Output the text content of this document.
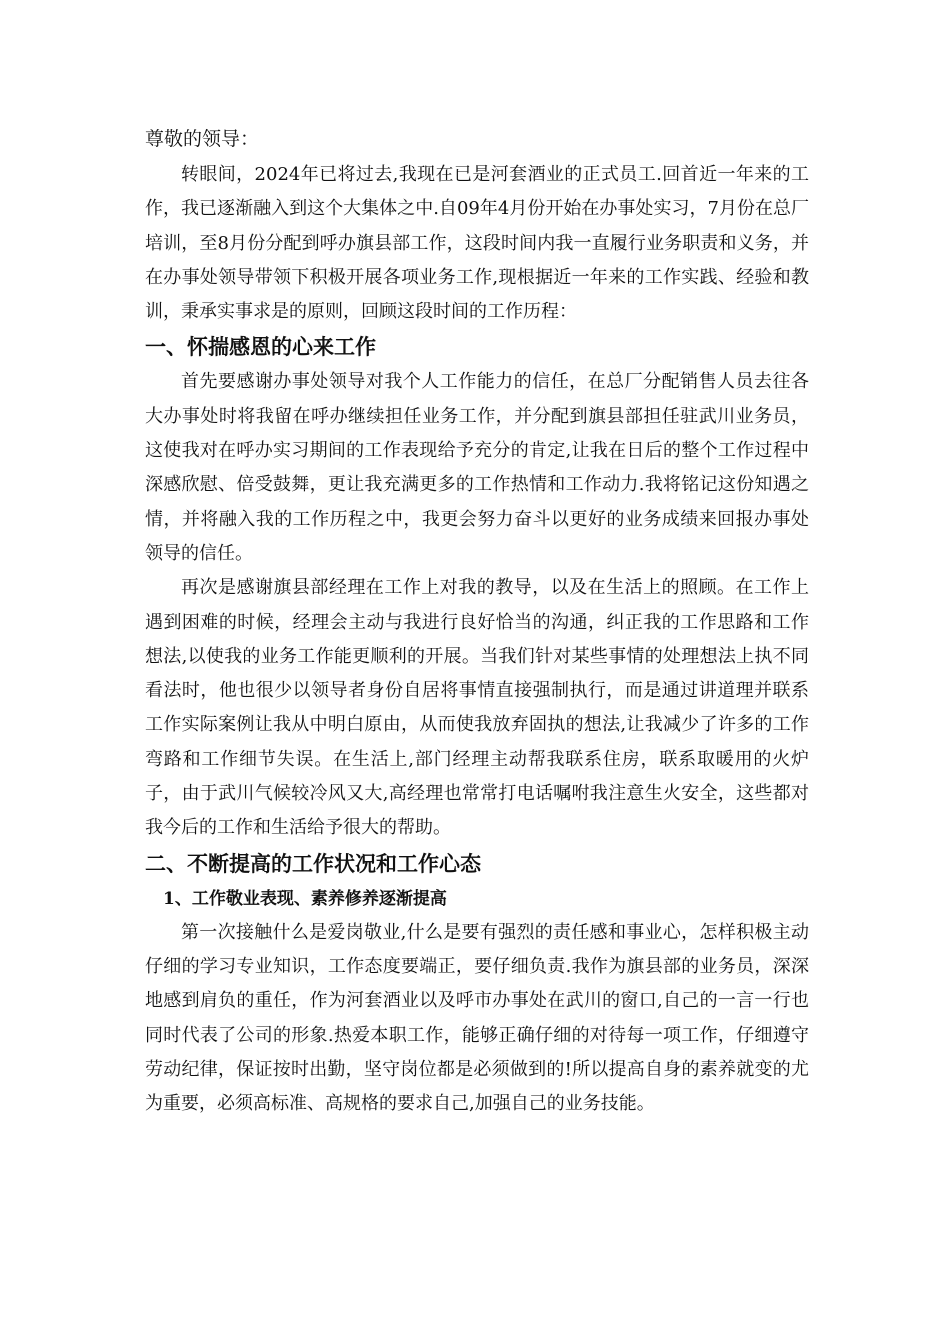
尊敬的领导：

转眼间，2024年已将过去,我现在已是河套酒业的正式员工.回首近一年来的工作，我已逐渐融入到这个大集体之中.自09年4月份开始在办事处实习，7月份在总厂培训，至8月份分配到呼办旗县部工作，这段时间内我一直履行业务职责和义务，并在办事处领导带领下积极开展各项业务工作,现根据近一年来的工作实践、经验和教训，秉承实事求是的原则，回顾这段时间的工作历程：

一、怀揣感恩的心来工作

首先要感谢办事处领导对我个人工作能力的信任，在总厂分配销售人员去往各大办事处时将我留在呼办继续担任业务工作，并分配到旗县部担任驻武川业务员，这使我对在呼办实习期间的工作表现给予充分的肯定,让我在日后的整个工作过程中深感欣慰、倍受鼓舞，更让我充满更多的工作热情和工作动力.我将铭记这份知遇之情，并将融入我的工作历程之中，我更会努力奋斗以更好的业务成绩来回报办事处领导的信任。

再次是感谢旗县部经理在工作上对我的教导，以及在生活上的照顾。在工作上遇到困难的时候，经理会主动与我进行良好恰当的沟通，纠正我的工作思路和工作想法,以使我的业务工作能更顺利的开展。当我们针对某些事情的处理想法上执不同看法时，他也很少以领导者身份自居将事情直接强制执行，而是通过讲道理并联系工作实际案例让我从中明白原由，从而使我放弃固执的想法,让我减少了许多的工作弯路和工作细节失误。在生活上,部门经理主动帮我联系住房，联系取暖用的火炉子，由于武川气候较冷风又大,高经理也常常打电话嘱咐我注意生火安全，这些都对我今后的工作和生活给予很大的帮助。

二、不断提高的工作状况和工作心态
1、工作敬业表现、素养修养逐渐提高

第一次接触什么是爱岗敬业,什么是要有强烈的责任感和事业心，怎样积极主动仔细的学习专业知识，工作态度要端正，要仔细负责.我作为旗县部的业务员，深深地感到肩负的重任，作为河套酒业以及呼市办事处在武川的窗口,自己的一言一行也同时代表了公司的形象.热爱本职工作，能够正确仔细的对待每一项工作，仔细遵守劳动纪律，保证按时出勤，坚守岗位都是必须做到的!所以提高自身的素养就变的尤为重要，必须高标准、高规格的要求自己,加强自己的业务技能。
